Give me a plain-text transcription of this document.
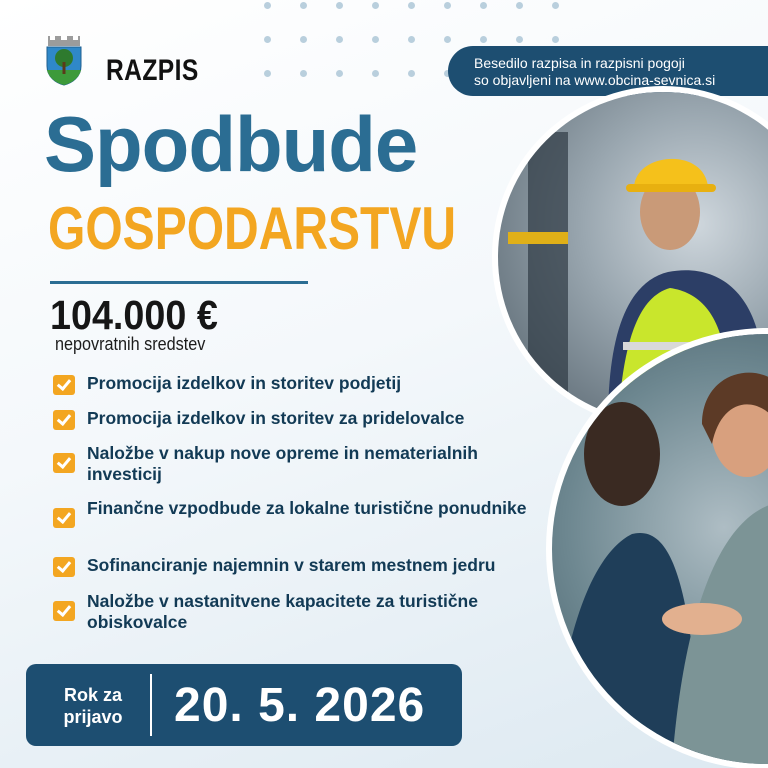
RAZPIS	Besedilo razpisa in razpisni pogoji
so objavljeni na www.obcina-sevnica.si
Spodbude
GOSPODARSTVU
104.000 €
nepovratnih sredstev
Promocija izdelkov in storitev podjetij
Promocija izdelkov in storitev za pridelovalce
Naložbe v nakup nove opreme in nematerialnih investicij
Finančne vzpodbude za lokalne turistične ponudnike
Sofinanciranje najemnin v starem mestnem jedru
Naložbe v nastanitvene kapacitete za turistične obiskovalce
Rok za prijavo	20. 5. 2026
